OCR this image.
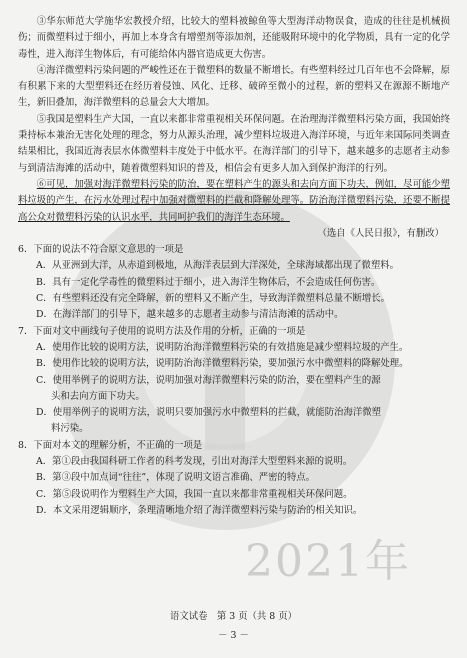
2021年

③华东师范大学施华宏教授介绍，比较大的塑料被鲸鱼等大型海洋动物误食，造成的往往是机械损伤；而微塑料过于细小，再加上本身含有增塑剂等添加剂，还能吸附环境中的化学物质，具有一定的化学毒性，进入海洋生物体后，有可能给体内器官造成更大伤害。

④海洋微塑料污染问题的严峻性还在于微塑料的数量不断增长。有些塑料经过几百年也不会降解，原有积累下来的大型塑料还在经历着侵蚀、风化、迁移、破碎至微小的过程，新的塑料又在源源不断地产生，新旧叠加，海洋微塑料的总量会大大增加。

⑤我国是塑料生产大国，一直以来都非常重视相关环保问题。在治理海洋微塑料污染方面，我国始终秉持标本兼治无害化处理的理念，努力从源头治理，减少塑料垃圾进入海洋环境，与近年来国际同类调查结果相比，我国近海表层水体微塑料丰度处于中低水平。在海洋部门的引导下，越来越多的志愿者主动参与到清洁海滩的活动中，随着微塑料知识的普及，相信会有更多人加入到保护海洋的行列。

⑥可见，加强对海洋微塑料污染的防治，要在塑料产生的源头和去向方面下功夫，例如，尽可能少塑料垃圾的产生，在污水处理过程中加强对微塑料的拦截和降解处理等。防治海洋微塑料污染，还要不断提高公众对微塑料污染的认识水平，共同呵护我们的海洋生态环境。

（选自《人民日报》，有删改）

6．下面的说法不符合原文意思的一项是

A．从亚洲到大洋，从赤道到极地，从海洋表层到大洋深处，全球海域都出现了微塑料。

B．具有一定化学毒性的微塑料过于细小，进入海洋生物体后，不会造成任何伤害。

C．有些塑料还没有完全降解，新的塑料又不断产生，导致海洋微塑料总量不断增长。

D．在海洋部门的引导下，越来越多的志愿者主动参与清洁海滩的活动中。

7．下面对文中画线句子使用的说明方法及作用的分析，正确的一项是

A．使用作比较的说明方法，说明防治海洋微塑料污染的有效措施是减少塑料垃圾的产生。

B．使用作比较的说明方法，说明防治海洋微塑料污染，要加强污水中微塑料的降解处理。

C．使用举例子的说明方法，说明加强对海洋微塑料污染的防治，要在塑料产生的源

头和去向方面下功夫。

D．使用举例子的说明方法，说明只要加强污水中微塑料的拦截，就能防治海洋微塑

料污染。

8．下面对本文的理解分析，不正确的一项是

A．第①段由我国科研工作者的科考发现，引出对海洋大型塑料来源的说明。

B．第③段中加点词“往往”，体现了说明文语言准确、严密的特点。

C．第⑤段说明作为塑料生产大国，我国一直以来都非常重视相关环保问题。

D．本文采用逻辑顺序，条理清晰地介绍了海洋微塑料污染与防治的相关知识。

语文试卷　第 3 页（共 8 页）
－ 3 －
